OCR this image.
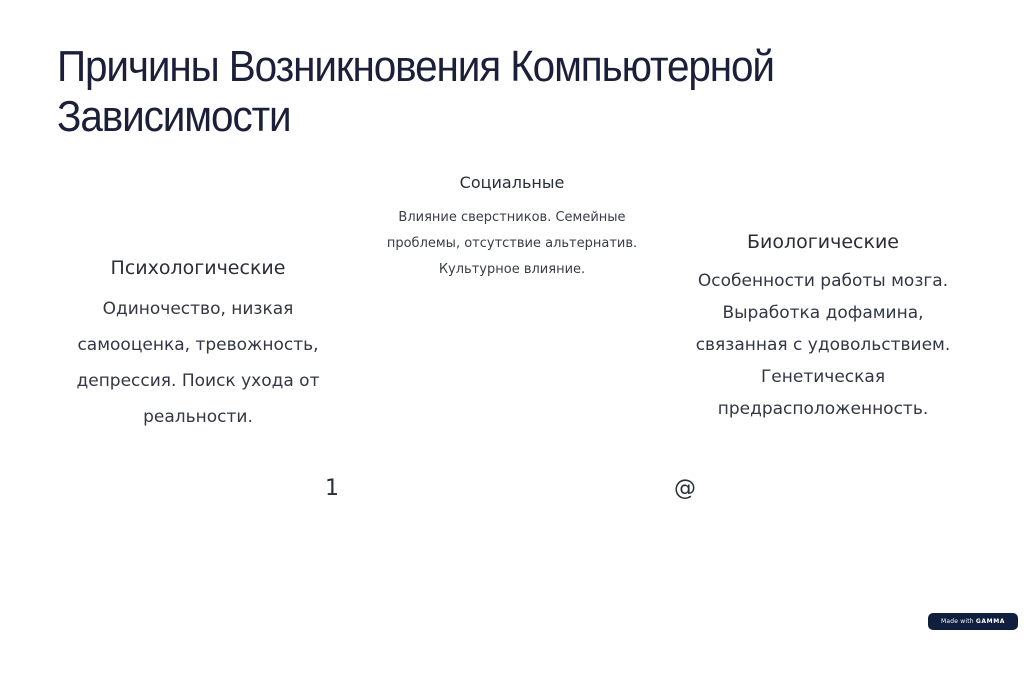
Причины Возникновения Компьютерной Зависимости

Социальные

Влияние сверстников. Семейные
проблемы, отсутствие альтернатив.
Культурное влияние.

Психологические

Одиночество, низкая
самооценка, тревожность,
депрессия. Поиск ухода от
реальности.

Биологические

Особенности работы мозга.
Выработка дофамина,
связанная с удовольствием.
Генетическая
предрасположенность.
1	@
Made with GAMMA
